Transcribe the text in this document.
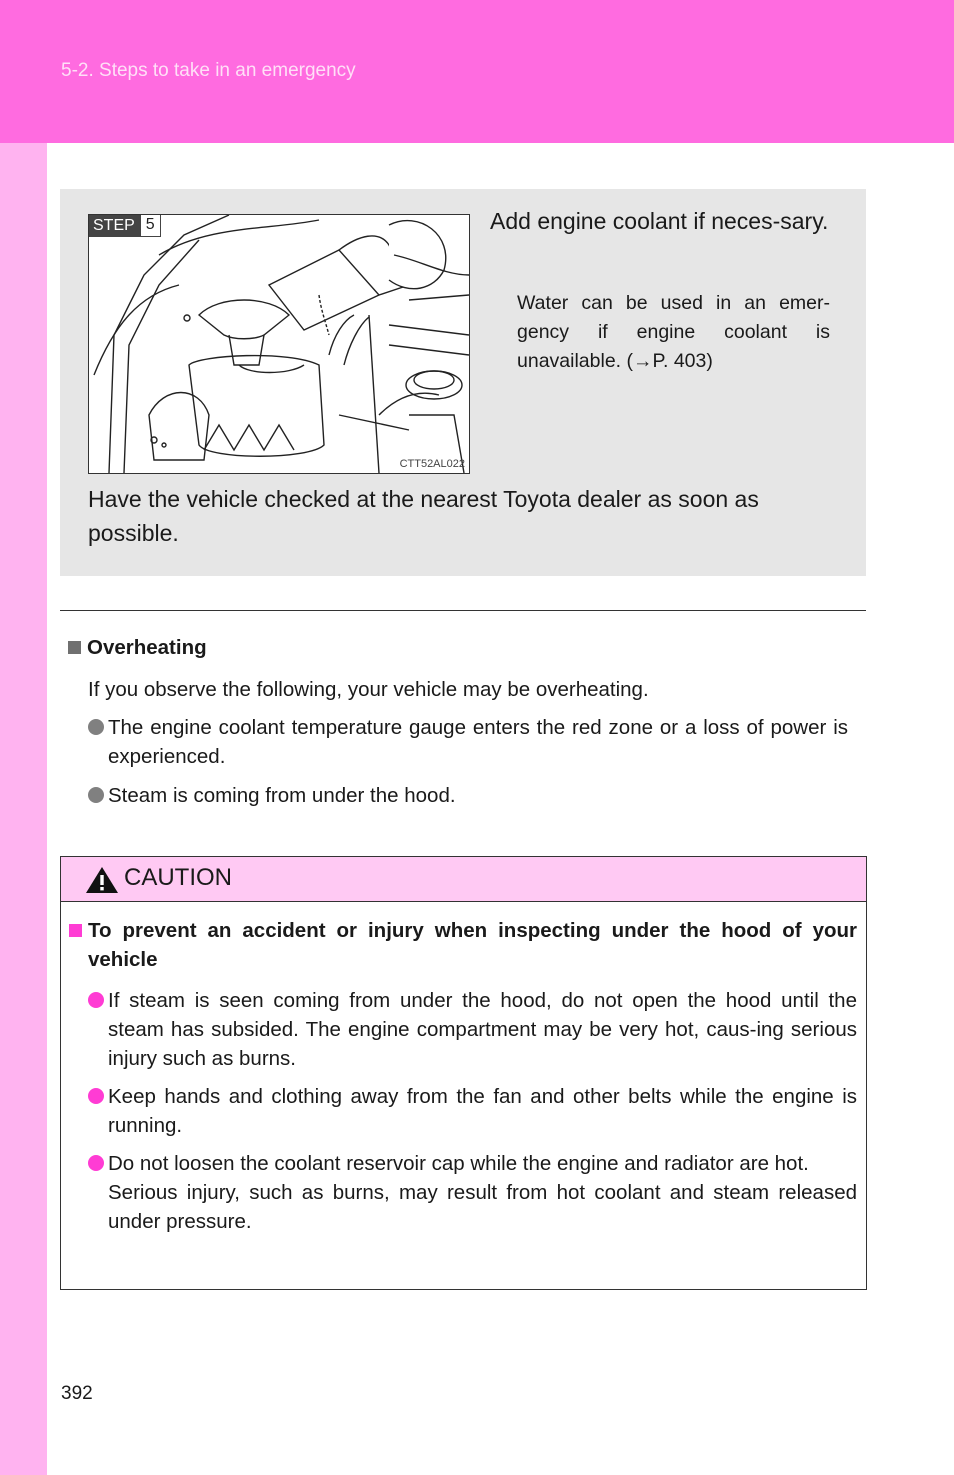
5-2. Steps to take in an emergency
STEP 5
CTT52AL022
Add engine coolant if neces-sary.
Water can be used in an emer-gency if engine coolant is unavailable. (→P. 403)
Have the vehicle checked at the nearest Toyota dealer as soon as possible.
Overheating
If you observe the following, your vehicle may be overheating.
The engine coolant temperature gauge enters the red zone or a loss of power is experienced.
Steam is coming from under the hood.
CAUTION
To prevent an accident or injury when inspecting under the hood of your vehicle
If steam is seen coming from under the hood, do not open the hood until the steam has subsided. The engine compartment may be very hot, caus-ing serious injury such as burns.
Keep hands and clothing away from the fan and other belts while the engine is running.
Do not loosen the coolant reservoir cap while the engine and radiator are hot.
Serious injury, such as burns, may result from hot coolant and steam released under pressure.
392
